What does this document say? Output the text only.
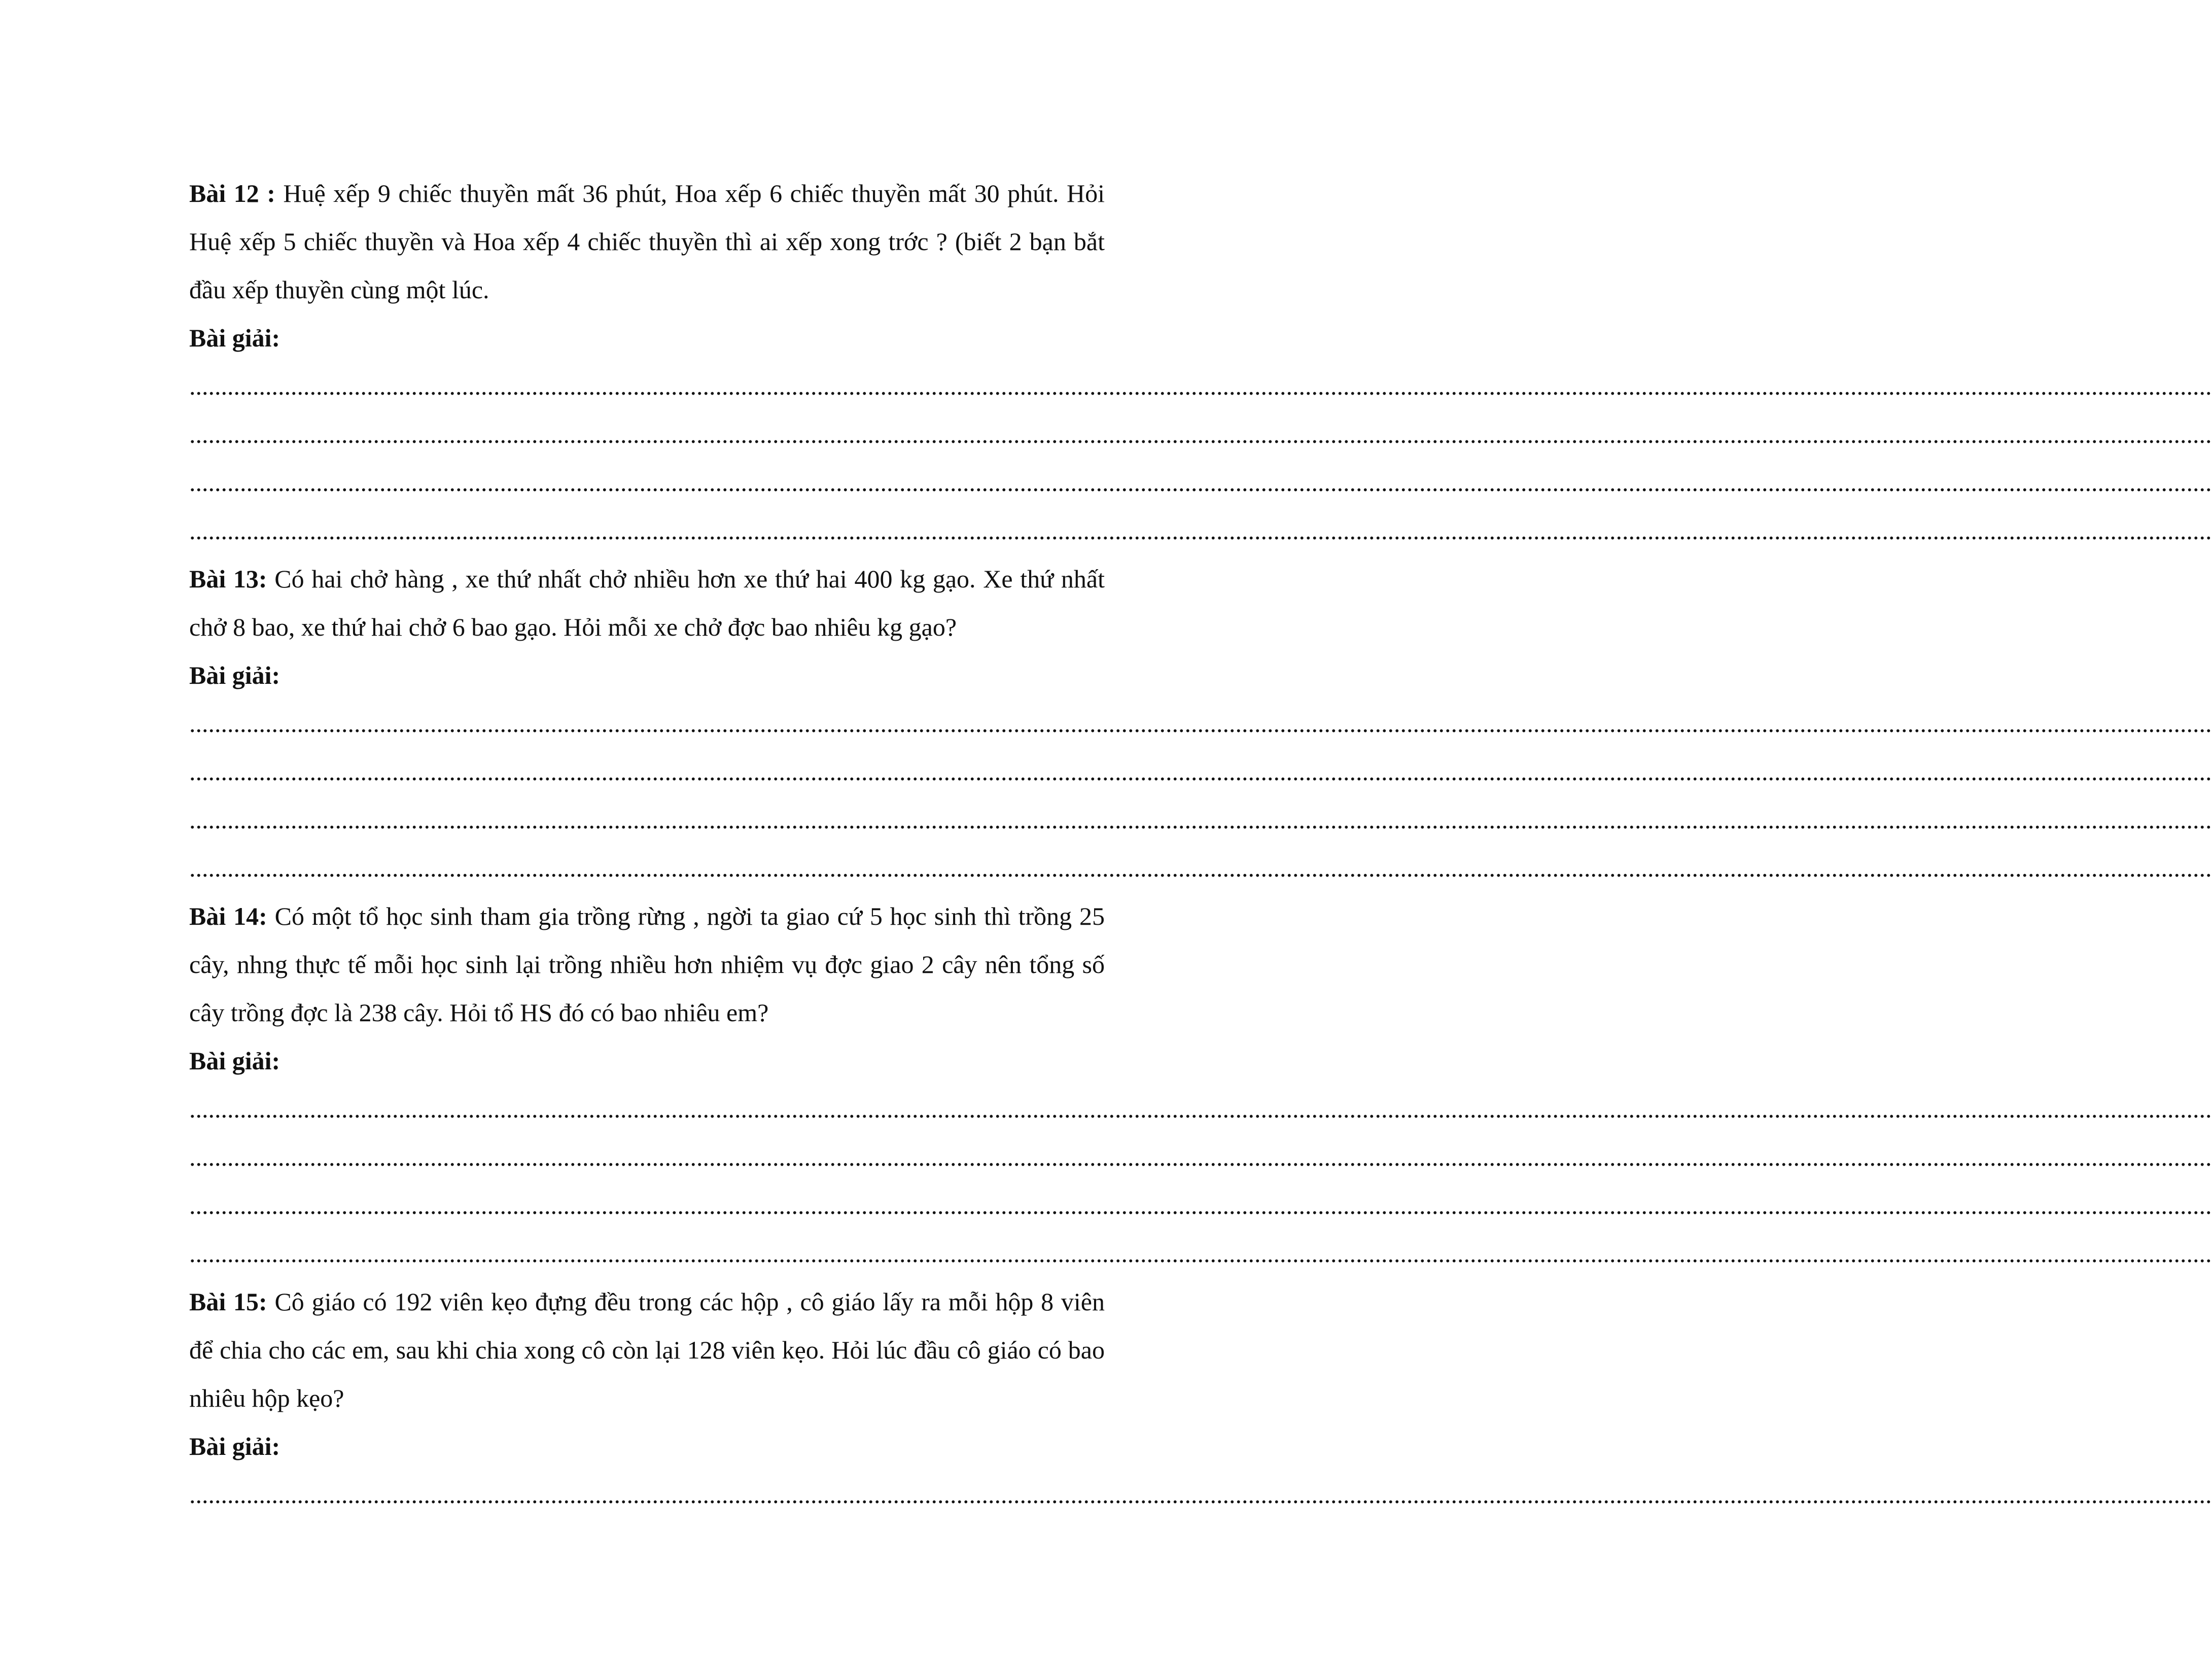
Bài 12 : Huệ xếp 9 chiếc thuyền mất 36 phút, Hoa xếp 6 chiếc thuyền mất 30 phút. Hỏi Huệ xếp 5 chiếc thuyền và Hoa xếp 4 chiếc thuyền thì ai xếp xong trớc ? (biết 2 bạn bắt đầu xếp thuyền cùng một lúc.

Bài giải:

...............................................................................................................................................................................................................................................................................................................................

...............................................................................................................................................................................................................................................................................................................................

...............................................................................................................................................................................................................................................................................................................................

...............................................................................................................................................................................................................................................................................................................................

Bài 13: Có hai chở hàng , xe thứ nhất chở nhiều hơn xe thứ hai 400 kg gạo. Xe thứ nhất chở 8 bao, xe thứ hai chở 6 bao gạo. Hỏi mỗi xe chở đợc bao nhiêu kg gạo?

Bài giải:

...............................................................................................................................................................................................................................................................................................................................

...............................................................................................................................................................................................................................................................................................................................

...............................................................................................................................................................................................................................................................................................................................

...............................................................................................................................................................................................................................................................................................................................

Bài 14: Có một tổ học sinh tham gia trồng rừng , ngời ta giao cứ 5 học sinh thì trồng 25 cây, nhng thực tế mỗi học sinh lại trồng nhiều hơn nhiệm vụ đợc giao 2 cây nên tổng số cây trồng đợc là 238 cây. Hỏi tổ HS đó có bao nhiêu em?

Bài giải:

...............................................................................................................................................................................................................................................................................................................................

...............................................................................................................................................................................................................................................................................................................................

...............................................................................................................................................................................................................................................................................................................................

...............................................................................................................................................................................................................................................................................................................................

Bài 15: Cô giáo có 192 viên kẹo đựng đều trong các hộp , cô giáo lấy ra mỗi hộp 8 viên để chia cho các em, sau khi chia xong cô còn lại 128 viên kẹo. Hỏi lúc đầu cô giáo có bao nhiêu hộp kẹo?

Bài giải:

...............................................................................................................................................................................................................................................................................................................................
